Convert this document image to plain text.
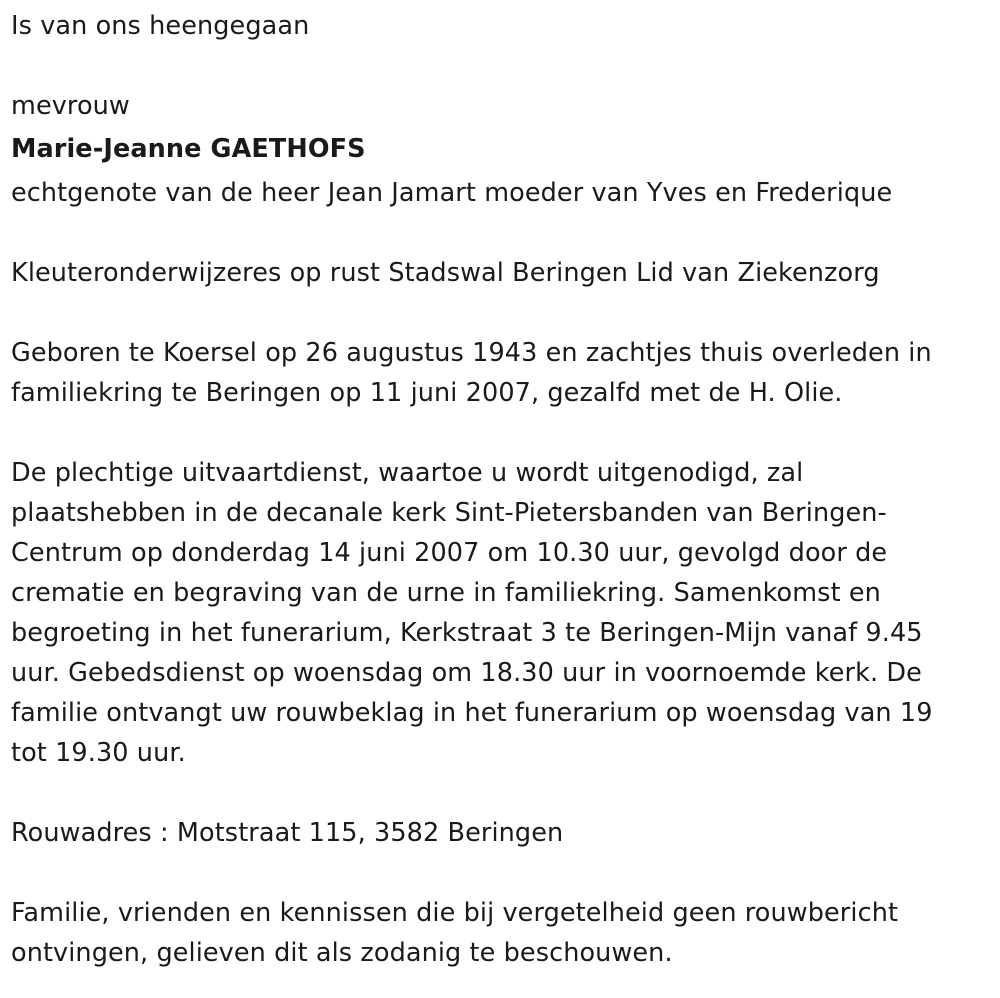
Is van ons heengegaan
mevrouw
Marie-Jeanne GAETHOFS
echtgenote van de heer Jean Jamart moeder van Yves en Frederique
Kleuteronderwijzeres op rust Stadswal Beringen Lid van Ziekenzorg
Geboren te Koersel op 26 augustus 1943 en zachtjes thuis overleden in
familiekring te Beringen op 11 juni 2007, gezalfd met de H. Olie.
De plechtige uitvaartdienst, waartoe u wordt uitgenodigd, zal
plaatshebben in de decanale kerk Sint-Pietersbanden van Beringen-
Centrum op donderdag 14 juni 2007 om 10.30 uur, gevolgd door de
crematie en begraving van de urne in familiekring. Samenkomst en
begroeting in het funerarium, Kerkstraat 3 te Beringen-Mijn vanaf 9.45
uur. Gebedsdienst op woensdag om 18.30 uur in voornoemde kerk. De
familie ontvangt uw rouwbeklag in het funerarium op woensdag van 19
tot 19.30 uur.
Rouwadres : Motstraat 115, 3582 Beringen
Familie, vrienden en kennissen die bij vergetelheid geen rouwbericht
ontvingen, gelieven dit als zodanig te beschouwen.
